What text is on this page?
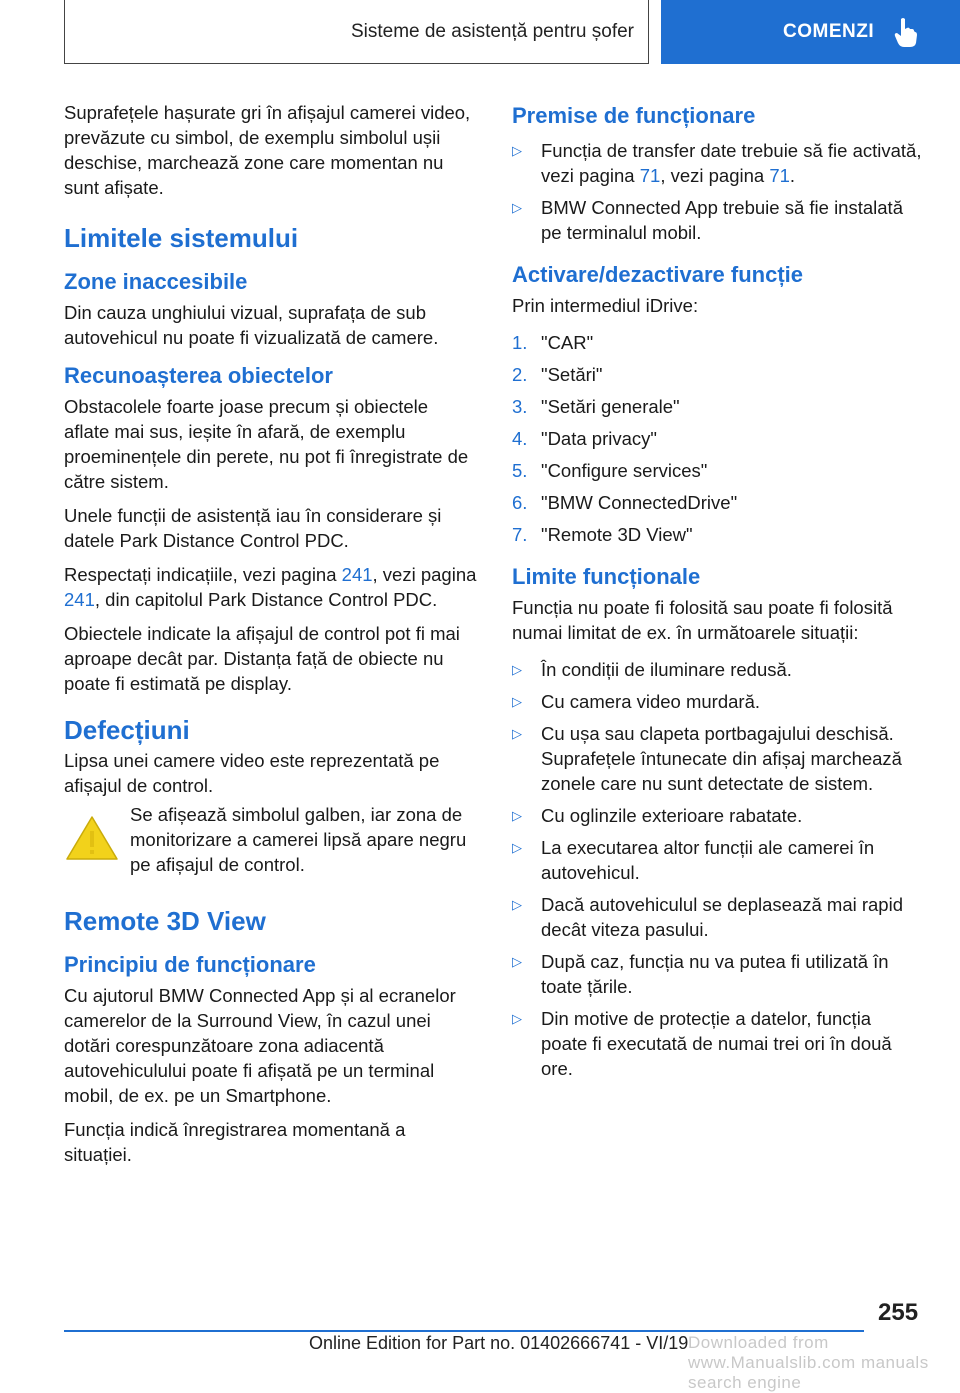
Sisteme de asistență pentru șofer	COMENZI

Suprafețele hașurate gri în afișajul camerei video, prevăzute cu simbol, de exemplu simbolul ușii deschise, marchează zone care momentan nu sunt afișate.

Limitele sistemului
Zone inaccesibile

Din cauza unghiului vizual, suprafața de sub autovehicul nu poate fi vizualizată de camere.

Recunoașterea obiectelor

Obstacolele foarte joase precum și obiectele aflate mai sus, ieșite în afară, de exemplu proeminențele din perete, nu pot fi înregistrate de către sistem.

Unele funcții de asistență iau în considerare și datele Park Distance Control PDC.

Respectați indicațiile, vezi pagina 241, vezi pagina 241, din capitolul Park Distance Control PDC.

Obiectele indicate la afișajul de control pot fi mai aproape decât par. Distanța față de obiecte nu poate fi estimată pe display.

Defecțiuni

Lipsa unei camere video este reprezentată pe afișajul de control.

Se afișează simbolul galben, iar zona de monitorizare a camerei lipsă apare negru pe afișajul de control.

Remote 3D View
Principiu de funcționare

Cu ajutorul BMW Connected App și al ecranelor camerelor de la Surround View, în cazul unei dotări corespunzătoare zona adiacentă autovehiculului poate fi afișată pe un terminal mobil, de ex. pe un Smartphone.

Funcția indică înregistrarea momentană a situației.

Premise de funcționare
▷	Funcția de transfer date trebuie să fie activată, vezi pagina 71, vezi pagina 71.
▷	BMW Connected App trebuie să fie instalată pe terminalul mobil.
Activare/dezactivare funcție

Prin intermediul iDrive:

1. "CAR"
2. "Setări"
3. "Setări generale"
4. "Data privacy"
5. "Configure services"
6. "BMW ConnectedDrive"
7. "Remote 3D View"
Limite funcționale

Funcția nu poate fi folosită sau poate fi folosită numai limitat de ex. în următoarele situații:

▷	În condiții de iluminare redusă.
▷	Cu camera video murdară.
▷	Cu ușa sau clapeta portbagajului deschisă. Suprafețele întunecate din afișaj marchează zonele care nu sunt detectate de sistem.
▷	Cu oglinzile exterioare rabatate.
▷	La executarea altor funcții ale camerei în autovehicul.
▷	Dacă autovehiculul se deplasează mai rapid decât viteza pasului.
▷	După caz, funcția nu va putea fi utilizată în toate țările.
▷	Din motive de protecție a datelor, funcția poate fi executată de numai trei ori în două ore.
255
Online Edition for Part no. 01402666741 - VI/19 Downloaded from www.Manualslib.com manuals search engine
